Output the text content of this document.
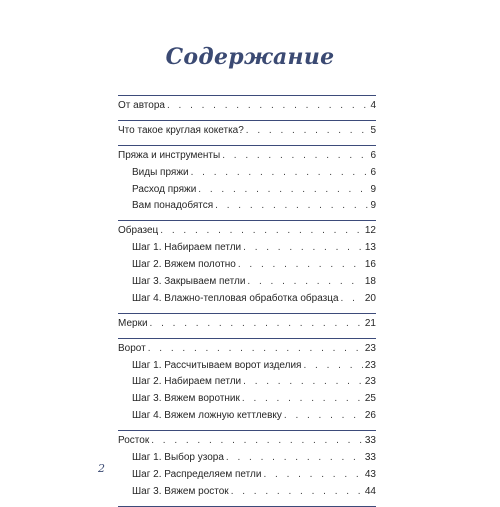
Содержание
От автора . . .	4
Что такое круглая кокетка? . . .	5
Пряжа и инструменты . . .	6
Виды пряжи . . .	6
Расход пряжи . . .	9
Вам понадобятся . . .	9
Образец . . .	12
Шаг 1. Набираем петли . . .	13
Шаг 2. Вяжем полотно . . .	16
Шаг 3. Закрываем петли . . .	18
Шаг 4. Влажно-тепловая обработка образца . . .	20
Мерки . . .	21
Ворот . . .	23
Шаг 1. Рассчитываем ворот изделия . . .	23
Шаг 2. Набираем петли . . .	23
Шаг 3. Вяжем воротник . . .	25
Шаг 4. Вяжем ложную кеттлевку . . .	26
Росток . . .	33
Шаг 1. Выбор узора . . .	33
Шаг 2. Распределяем петли . . .	43
Шаг 3. Вяжем росток . . .	44
2
